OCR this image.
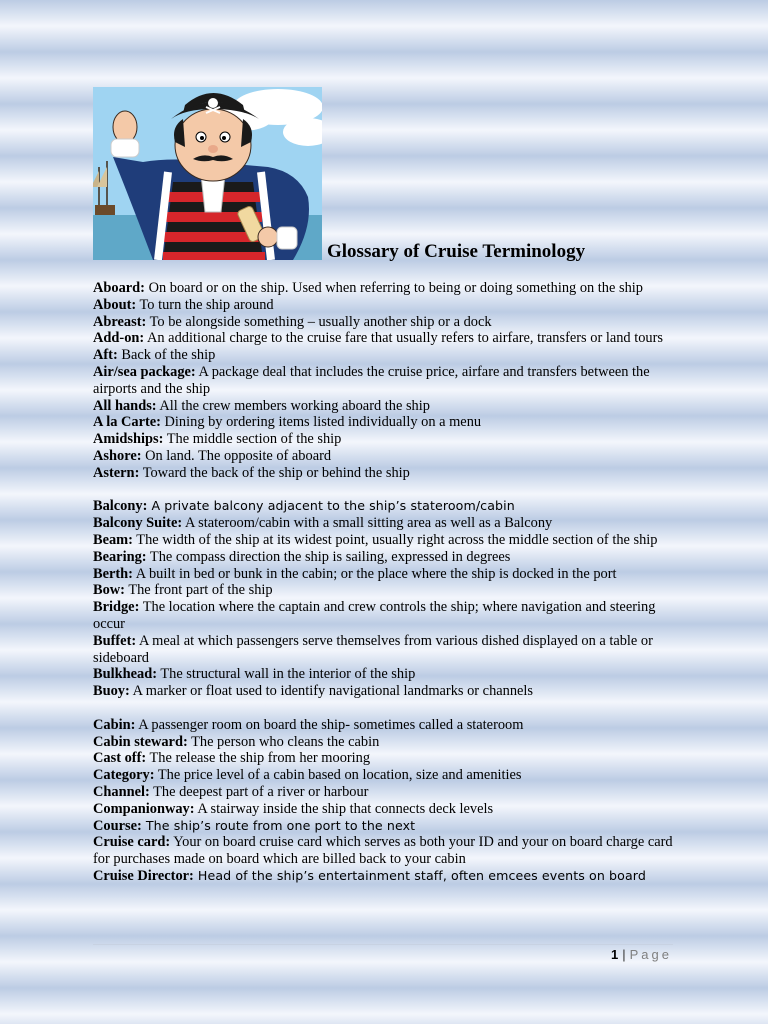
Glossary of Cruise Terminology

Aboard: On board or on the ship. Used when referring to being or doing something on the ship

About: To turn the ship around

Abreast: To be alongside something – usually another ship or a dock

Add-on: An additional charge to the cruise fare that usually refers to airfare, transfers or land tours

Aft: Back of the ship

Air/sea package: A package deal that includes the cruise price, airfare and transfers between the airports and the ship

All hands: All the crew members working aboard the ship

A la Carte: Dining by ordering items listed individually on a menu

Amidships: The middle section of the ship

Ashore: On land. The opposite of aboard

Astern: Toward the back of the ship or behind the ship

Balcony: A private balcony adjacent to the ship’s stateroom/cabin

Balcony Suite: A stateroom/cabin with a small sitting area as well as a Balcony

Beam: The width of the ship at its widest point, usually right across the middle section of the ship

Bearing: The compass direction the ship is sailing, expressed in degrees

Berth: A built in bed or bunk in the cabin; or the place where the ship is docked in the port

Bow: The front part of the ship

Bridge: The location where the captain and crew controls the ship; where navigation and steering occur

Buffet: A meal at which passengers serve themselves from various dished displayed on a table or sideboard

Bulkhead: The structural wall in the interior of the ship

Buoy: A marker or float used to identify navigational landmarks or channels

Cabin: A passenger room on board the ship- sometimes called a stateroom

Cabin steward: The person who cleans the cabin

Cast off: The release the ship from her mooring

Category: The price level of a cabin based on location, size and amenities

Channel: The deepest part of a river or harbour

Companionway: A stairway inside the ship that connects deck levels

Course: The ship’s route from one port to the next

Cruise card: Your on board cruise card which serves as both your ID and your on board charge card for purchases made on board which are billed back to your cabin

Cruise Director: Head of the ship’s entertainment staff, often emcees events on board

1 | Page
